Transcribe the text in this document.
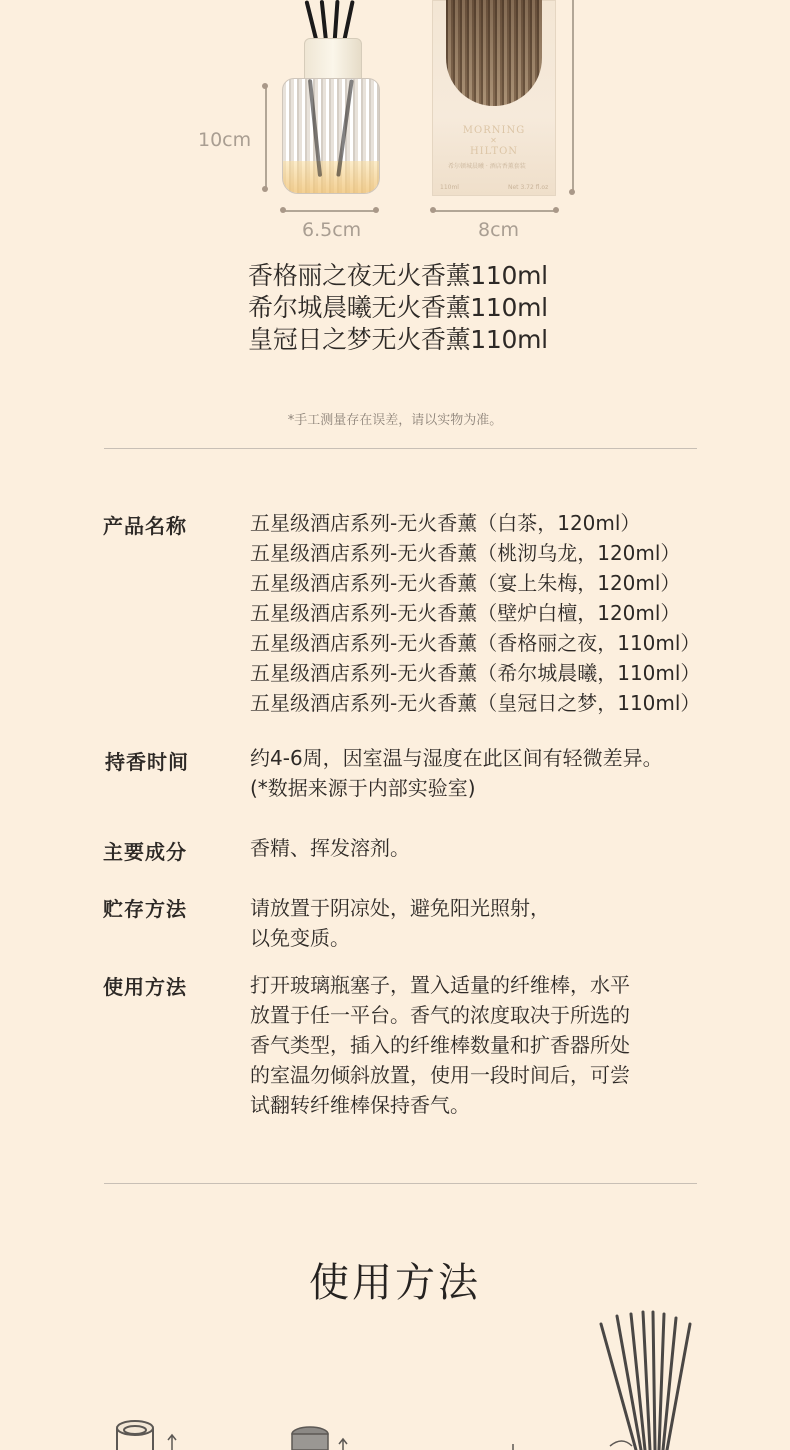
MORNING
✕
HILTON
希尔顿城晨曦 · 酒店香薰套装
110ml	Net 3.72 fl.oz
10cm
6.5cm	8cm
香格丽之夜无火香薰110ml
希尔城晨曦无火香薰110ml
皇冠日之梦无火香薰110ml
*手工测量存在误差，请以实物为准。
产品名称	五星级酒店系列-无火香薰（白茶，120ml）
五星级酒店系列-无火香薰（桃沏乌龙，120ml）
五星级酒店系列-无火香薰（宴上朱梅，120ml）
五星级酒店系列-无火香薰（壁炉白檀，120ml）
五星级酒店系列-无火香薰（香格丽之夜，110ml）
五星级酒店系列-无火香薰（希尔城晨曦，110ml）
五星级酒店系列-无火香薰（皇冠日之梦，110ml）
持香时间	约4-6周，因室温与湿度在此区间有轻微差异。
(*数据来源于内部实验室)
主要成分	香精、挥发溶剂。
贮存方法	请放置于阴凉处，避免阳光照射，
以免变质。
使用方法	打开玻璃瓶塞子，置入适量的纤维棒，水平
放置于任一平台。香气的浓度取决于所选的
香气类型，插入的纤维棒数量和扩香器所处
的室温勿倾斜放置，使用一段时间后，可尝
试翻转纤维棒保持香气。
使用方法
